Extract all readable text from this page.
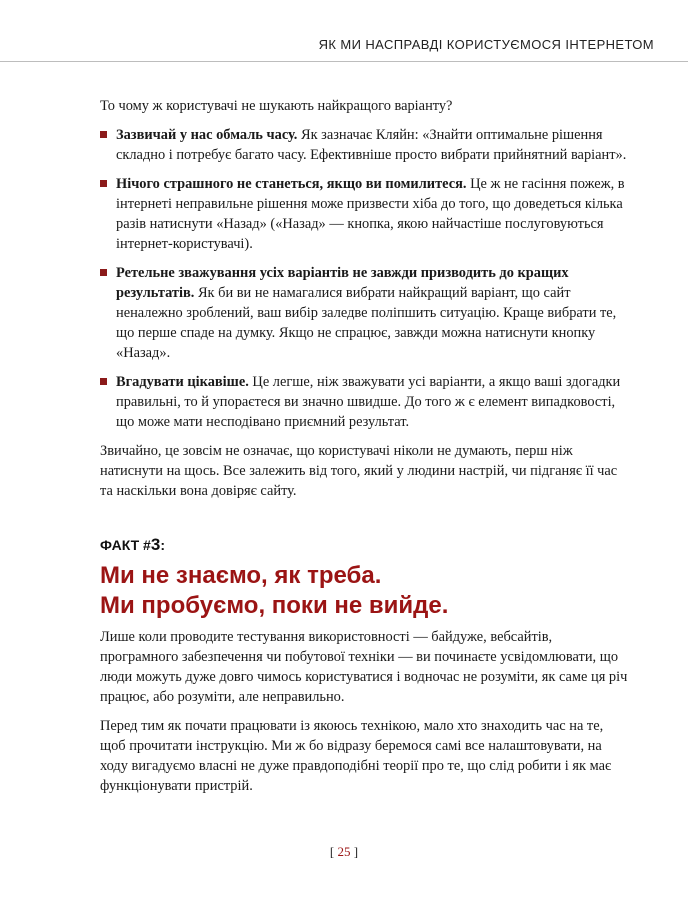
ЯК МИ НАСПРАВДІ КОРИСТУЄМОСЯ ІНТЕРНЕТОМ

То чому ж користувачі не шукають найкращого варіанту?

Зазвичай у нас обмаль часу. Як зазначає Кляйн: «Знайти оптимальне рішення складно і потребує багато часу. Ефективніше просто вибрати прийнятний варіант».
Нічого страшного не станеться, якщо ви помилитеся. Це ж не гасіння пожеж, в інтернеті неправильне рішення може призвести хіба до того, що доведеться кілька разів натиснути «Назад» («Назад» — кнопка, якою найчастіше послуговуються інтернет-користувачі).
Ретельне зважування усіх варіантів не завжди призводить до кращих результатів. Як би ви не намагалися вибрати найкращий варіант, що сайт неналежно зроблений, ваш вибір заледве поліпшить ситуацію. Краще вибрати те, що перше спаде на думку. Якщо не спрацює, завжди можна натиснути кнопку «Назад».
Вгадувати цікавіше. Це легше, ніж зважувати усі варіанти, а якщо ваші здогадки правильні, то й упораєтеся ви значно швидше. До того ж є елемент випадковості, що може мати несподівано приємний результат.

Звичайно, це зовсім не означає, що користувачі ніколи не думають, перш ніж натиснути на щось. Все залежить від того, який у людини настрій, чи підганяє її час та наскільки вона довіряє сайту.

ФАКТ #3:
Ми не знаємо, як треба.
Ми пробуємо, поки не вийде.

Лише коли проводите тестування використовності — байдуже, вебсайтів, програмного забезпечення чи побутової техніки — ви починаєте усвідомлювати, що люди можуть дуже довго чимось користуватися і водночас не розуміти, як саме ця річ працює, або розуміти, але неправильно.

Перед тим як почати працювати із якоюсь технікою, мало хто знаходить час на те, щоб прочитати інструкцію. Ми ж бо відразу беремося самі все налаштовувати, на ходу вигадуємо власні не дуже правдоподібні теорії про те, що слід робити і як має функціонувати пристрій.

[ 25 ]
